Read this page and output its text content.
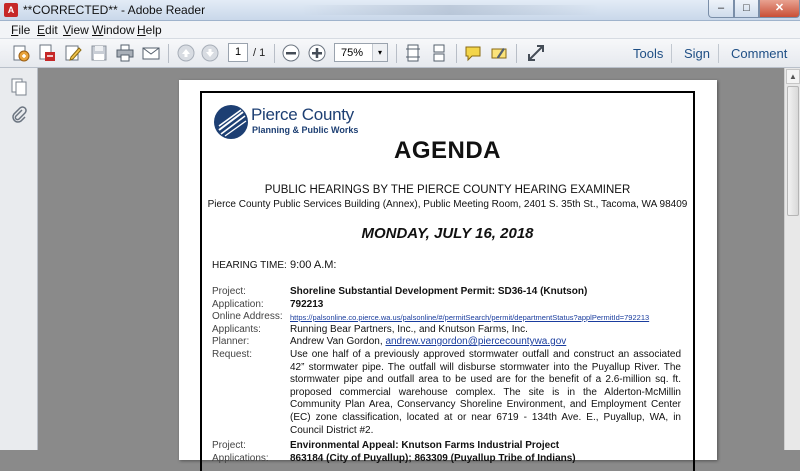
A **CORRECTED** - Adobe Reader	–	□	✕
File Edit View Window Help
1	/ 1	75%	▾	Tools Sign Comment
Pierce County
Planning & Public Works
AGENDA
PUBLIC HEARINGS BY THE PIERCE COUNTY HEARING EXAMINER
Pierce County Public Services Building (Annex), Public Meeting Room, 2401 S. 35th St., Tacoma, WA 98409
MONDAY, JULY 16, 2018
HEARING TIME: 9:00 A.M:
Project:	Shoreline Substantial Development Permit: SD36-14 (Knutson)
Application:	792213
Online Address: https://palsonline.co.pierce.wa.us/palsonline/#/permitSearch/permit/departmentStatus?applPermitId=792213
Applicants:	Running Bear Partners, Inc., and Knutson Farms, Inc.
Planner:	Andrew Van Gordon, andrew.vangordon@piercecountywa.gov
Request:	Use one half of a previously approved stormwater outfall and construct an associated 42” stormwater pipe. The outfall will disburse stormwater into the Puyallup River. The stormwater pipe and outfall area to be used are for the benefit of a 2.6-million sq. ft. proposed commercial warehouse complex. The site is in the Alderton-McMillin Community Plan Area, Conservancy Shoreline Environment, and Employment Center (EC) zone classification, located at or near 6719 - 134th Ave. E., Puyallup, WA, in Council District #2.
Project:	Environmental Appeal: Knutson Farms Industrial Project
Applications: 863184 (City of Puyallup); 863309 (Puyallup Tribe of Indians)
▲
